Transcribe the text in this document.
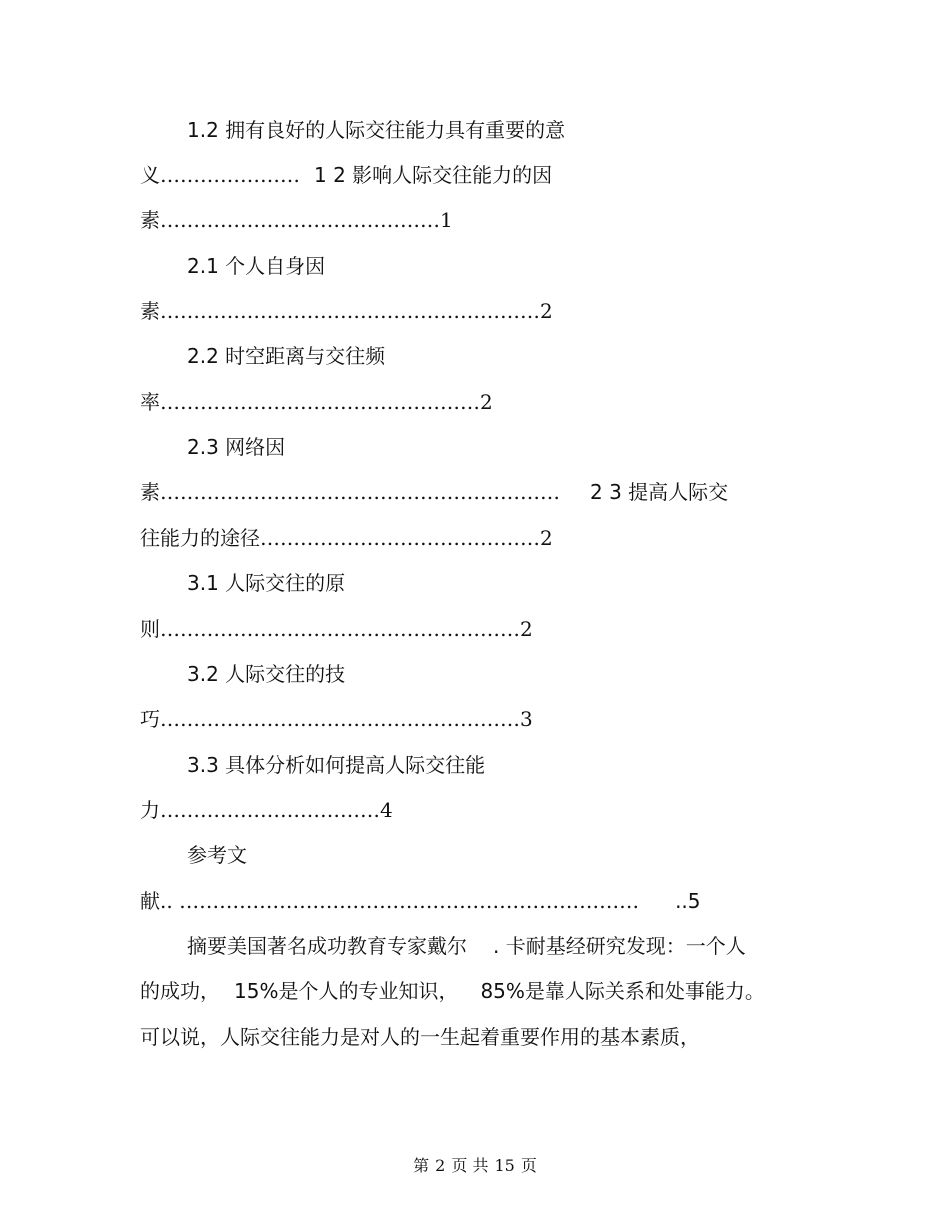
1.2 拥有良好的人际交往能力具有重要的意
义………………… 1 2 影响人际交往能力的因
素……………………………………1
2.1 个人自身因
素…………………………………………………2
2.2 时空距离与交往频
率…………………………………………2
2.3 网络因
素…………………………………………………… 2 3 提高人际交
往能力的途径……………………………………2
3.1 人际交往的原
则………………………………………………2
3.2 人际交往的技
巧………………………………………………3
3.3 具体分析如何提高人际交往能
力……………………………4
参考文
献.. …………………………………………………………… ..5
摘要美国著名成功教育专家戴尔 . 卡耐基经研究发现：一个人
的成功， 15%是个人的专业知识， 85%是靠人际关系和处事能力。
可以说，人际交往能力是对人的一生起着重要作用的基本素质，
第 2 页 共 15 页
